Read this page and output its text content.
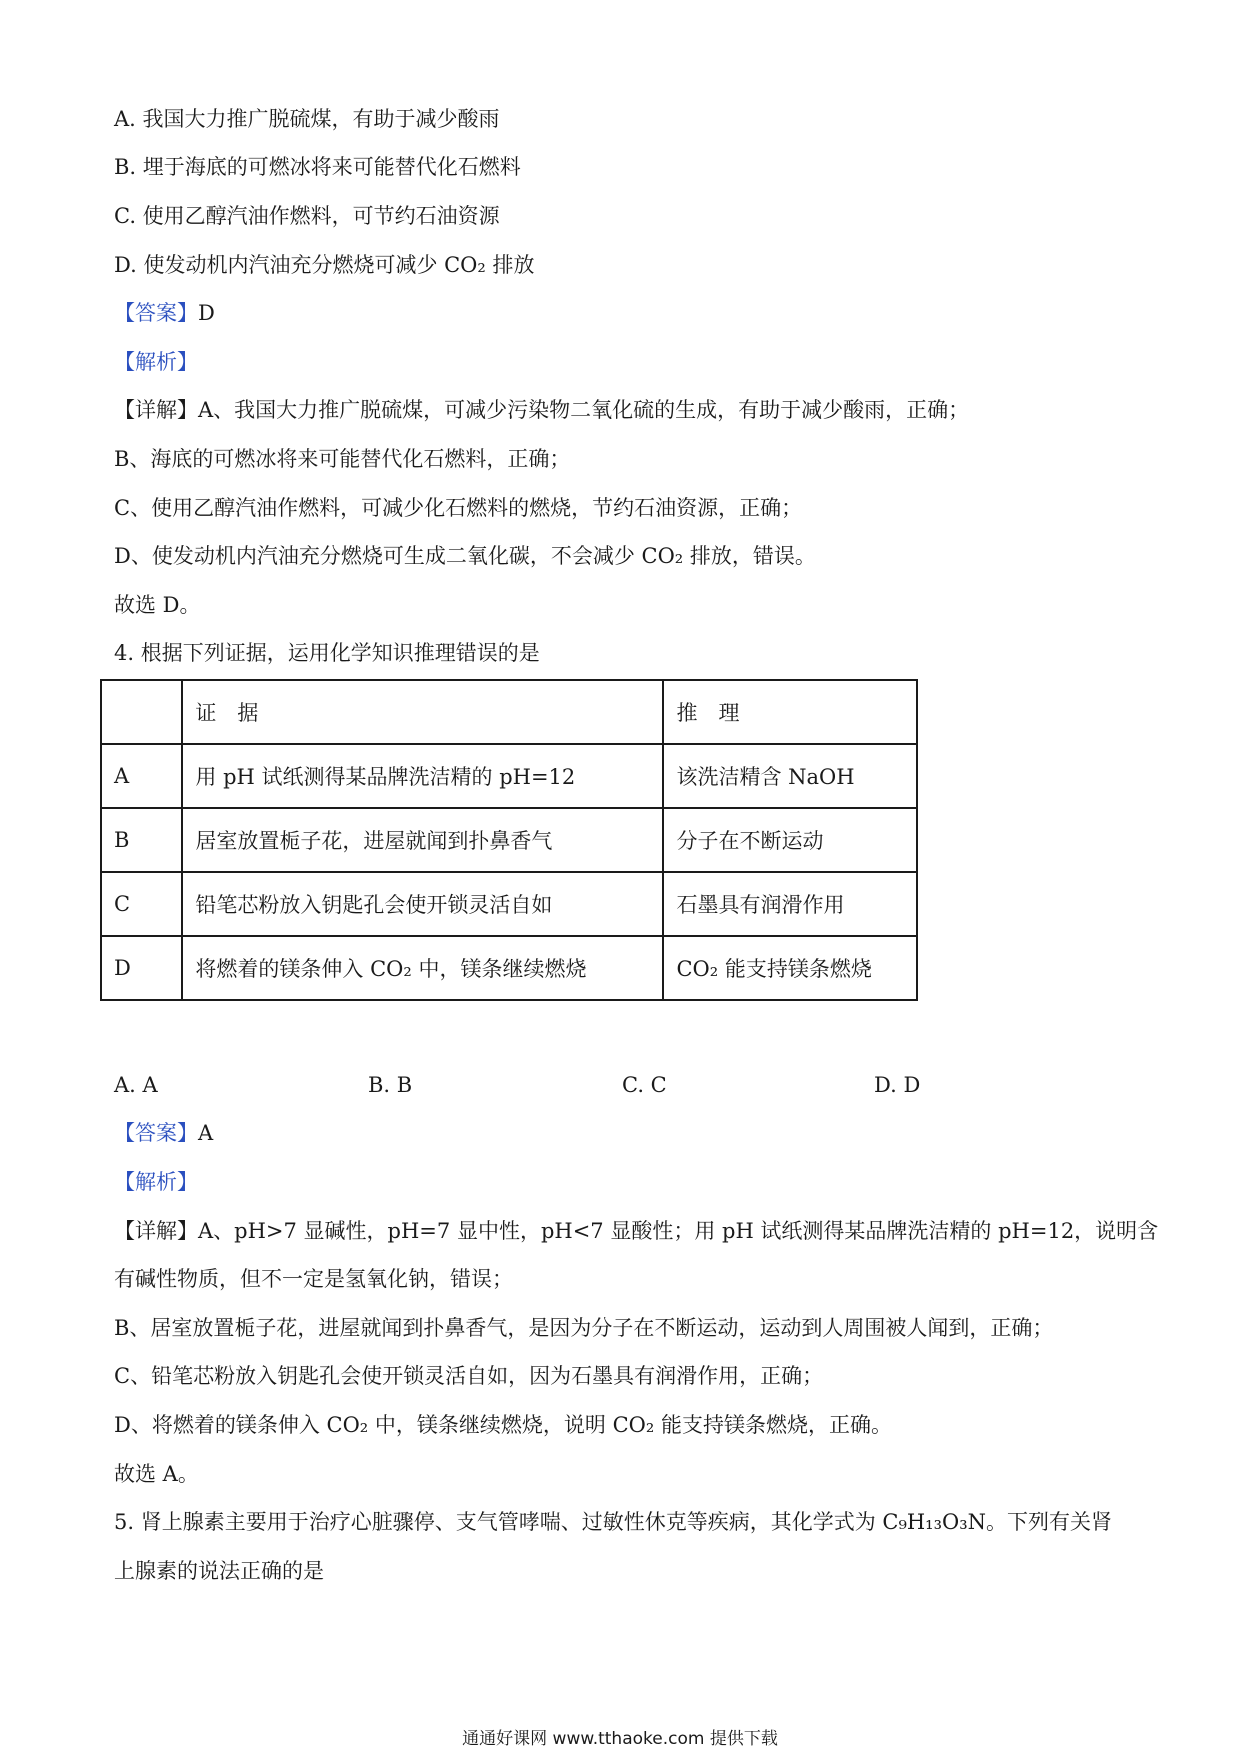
A. 我国大力推广脱硫煤，有助于减少酸雨
B. 埋于海底的可燃冰将来可能替代化石燃料
C. 使用乙醇汽油作燃料，可节约石油资源
D. 使发动机内汽油充分燃烧可减少 CO₂ 排放
【答案】D
【解析】
【详解】A、我国大力推广脱硫煤，可减少污染物二氧化硫的生成，有助于减少酸雨，正确；
B、海底的可燃冰将来可能替代化石燃料，正确；
C、使用乙醇汽油作燃料，可减少化石燃料的燃烧，节约石油资源，正确；
D、使发动机内汽油充分燃烧可生成二氧化碳，不会减少 CO₂ 排放，错误。
故选 D。
4. 根据下列证据，运用化学知识推理错误的是
	证　据	推　理
A	用 pH 试纸测得某品牌洗洁精的 pH=12	该洗洁精含 NaOH
B	居室放置栀子花，进屋就闻到扑鼻香气	分子在不断运动
C	铅笔芯粉放入钥匙孔会使开锁灵活自如	石墨具有润滑作用
D	将燃着的镁条伸入 CO₂ 中，镁条继续燃烧	CO₂ 能支持镁条燃烧
A. A	B. B	C. C	D. D
【答案】A
【解析】
【详解】A、pH>7 显碱性，pH=7 显中性，pH<7 显酸性；用 pH 试纸测得某品牌洗洁精的 pH=12，说明含
有碱性物质，但不一定是氢氧化钠，错误；
B、居室放置栀子花，进屋就闻到扑鼻香气，是因为分子在不断运动，运动到人周围被人闻到，正确；
C、铅笔芯粉放入钥匙孔会使开锁灵活自如，因为石墨具有润滑作用，正确；
D、将燃着的镁条伸入 CO₂ 中，镁条继续燃烧，说明 CO₂ 能支持镁条燃烧，正确。
故选 A。
5. 肾上腺素主要用于治疗心脏骤停、支气管哮喘、过敏性休克等疾病，其化学式为 C₉H₁₃O₃N。下列有关肾
上腺素的说法正确的是
通通好课网 www.tthaoke.com 提供下载
